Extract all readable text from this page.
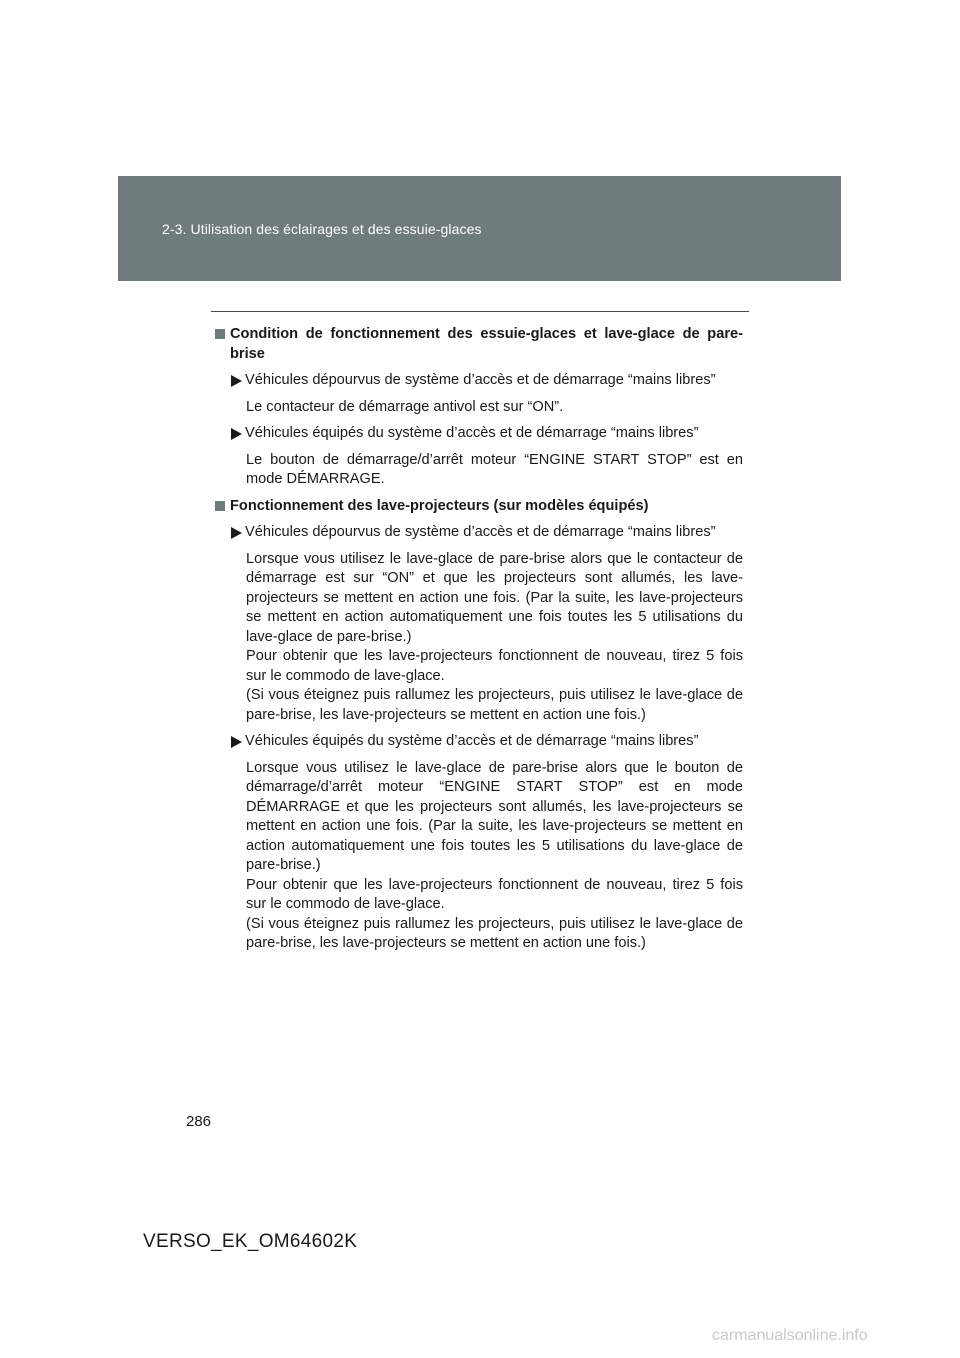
2-3. Utilisation des éclairages et des essuie-glaces
Condition de fonctionnement des essuie-glaces et lave-glace de pare-brise
Véhicules dépourvus de système d’accès et de démarrage “mains libres”
Le contacteur de démarrage antivol est sur “ON”.
Véhicules équipés du système d’accès et de démarrage “mains libres”
Le bouton de démarrage/d’arrêt moteur “ENGINE START STOP” est en mode DÉMARRAGE.
Fonctionnement des lave-projecteurs (sur modèles équipés)
Véhicules dépourvus de système d’accès et de démarrage “mains libres”
Lorsque vous utilisez le lave-glace de pare-brise alors que le contacteur de démarrage est sur “ON” et que les projecteurs sont allumés, les lave-projecteurs se mettent en action une fois. (Par la suite, les lave-projecteurs se mettent en action automatiquement une fois toutes les 5 utilisations du lave-glace de pare-brise.)
Pour obtenir que les lave-projecteurs fonctionnent de nouveau, tirez 5 fois sur le commodo de lave-glace.
(Si vous éteignez puis rallumez les projecteurs, puis utilisez le lave-glace de pare-brise, les lave-projecteurs se mettent en action une fois.)
Véhicules équipés du système d’accès et de démarrage “mains libres”
Lorsque vous utilisez le lave-glace de pare-brise alors que le bouton de démarrage/d’arrêt moteur “ENGINE START STOP” est en mode DÉMARRAGE et que les projecteurs sont allumés, les lave-projecteurs se mettent en action une fois. (Par la suite, les lave-projecteurs se mettent en action automatiquement une fois toutes les 5 utilisations du lave-glace de pare-brise.)
Pour obtenir que les lave-projecteurs fonctionnent de nouveau, tirez 5 fois sur le commodo de lave-glace.
(Si vous éteignez puis rallumez les projecteurs, puis utilisez le lave-glace de pare-brise, les lave-projecteurs se mettent en action une fois.)
286
VERSO_EK_OM64602K
carmanualsonline.info
